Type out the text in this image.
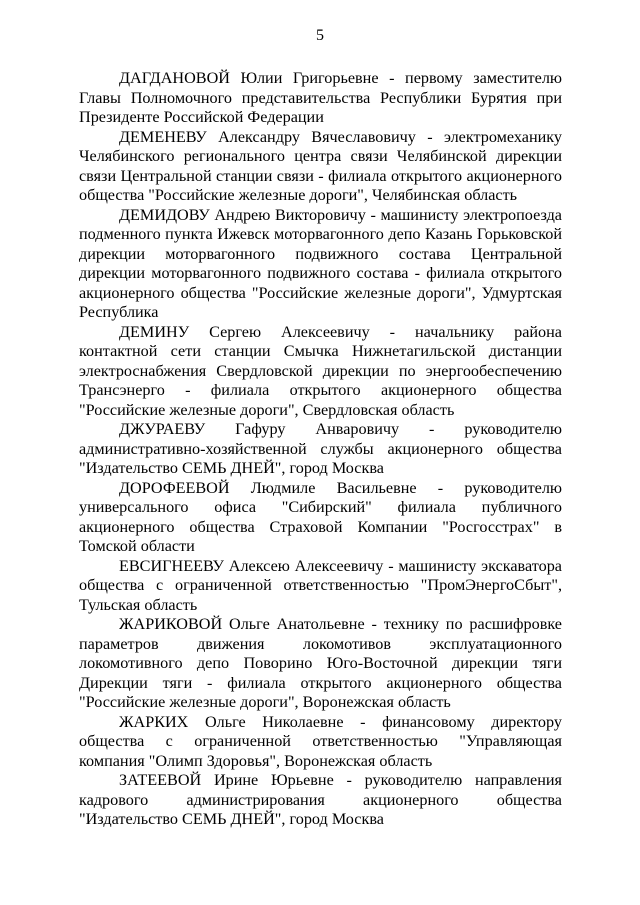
5

ДАГДАНОВОЙ Юлии Григорьевне - первому заместителю Главы Полномочного представительства Республики Бурятия при Президенте Российской Федерации

ДЕМЕНЕВУ Александру Вячеславовичу - электромеханику Челябинского регионального центра связи Челябинской дирекции связи Центральной станции связи - филиала открытого акционерного общества "Российские железные дороги", Челябинская область

ДЕМИДОВУ Андрею Викторовичу - машинисту электропоезда подменного пункта Ижевск моторвагонного депо Казань Горьковской дирекции моторвагонного подвижного состава Центральной дирекции моторвагонного подвижного состава - филиала открытого акционерного общества "Российские железные дороги", Удмуртская Республика

ДЕМИНУ Сергею Алексеевичу - начальнику района контактной сети станции Смычка Нижнетагильской дистанции электроснабжения Свердловской дирекции по энергообеспечению Трансэнерго - филиала открытого акционерного общества "Российские железные дороги", Свердловская область

ДЖУРАЕВУ Гафуру Анваровичу - руководителю административно-хозяйственной службы акционерного общества "Издательство СЕМЬ ДНЕЙ", город Москва

ДОРОФЕЕВОЙ Людмиле Васильевне - руководителю универсального офиса "Сибирский" филиала публичного акционерного общества Страховой Компании "Росгосстрах" в Томской области

ЕВСИГНЕЕВУ Алексею Алексеевичу - машинисту экскаватора общества с ограниченной ответственностью "ПромЭнергоСбыт", Тульская область

ЖАРИКОВОЙ Ольге Анатольевне - технику по расшифровке параметров движения локомотивов эксплуатационного локомотивного депо Поворино Юго-Восточной дирекции тяги Дирекции тяги - филиала открытого акционерного общества "Российские железные дороги", Воронежская область

ЖАРКИХ Ольге Николаевне - финансовому директору общества с ограниченной ответственностью "Управляющая компания "Олимп Здоровья", Воронежская область

ЗАТЕЕВОЙ Ирине Юрьевне - руководителю направления кадрового администрирования акционерного общества "Издательство СЕМЬ ДНЕЙ", город Москва
